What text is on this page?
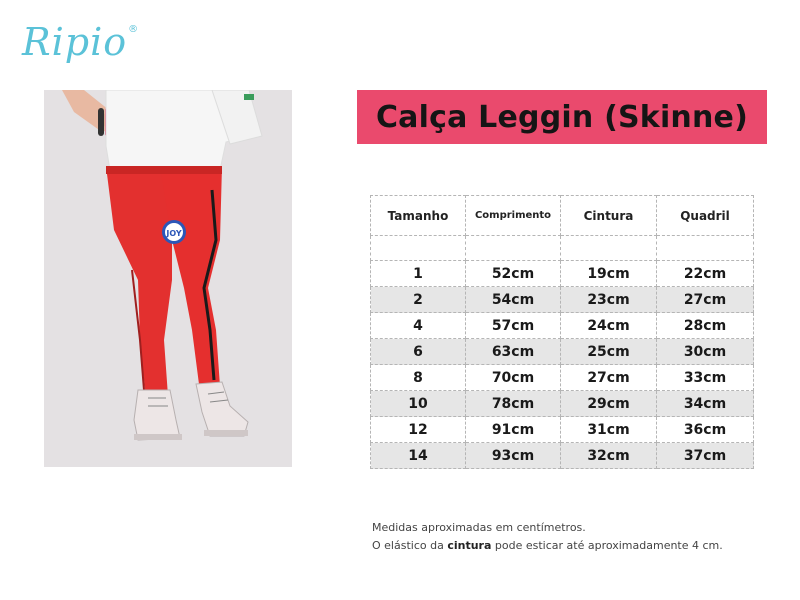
Ripio ®
JOY
Calça Leggin (Skinne)
Tamanho	Comprimento	Cintura	Quadril

1	52cm	19cm	22cm
2	54cm	23cm	27cm
4	57cm	24cm	28cm
6	63cm	25cm	30cm
8	70cm	27cm	33cm
10	78cm	29cm	34cm
12	91cm	31cm	36cm
14	93cm	32cm	37cm
Medidas aproximadas em centímetros.
O elástico da cintura pode esticar até aproximadamente 4 cm.
